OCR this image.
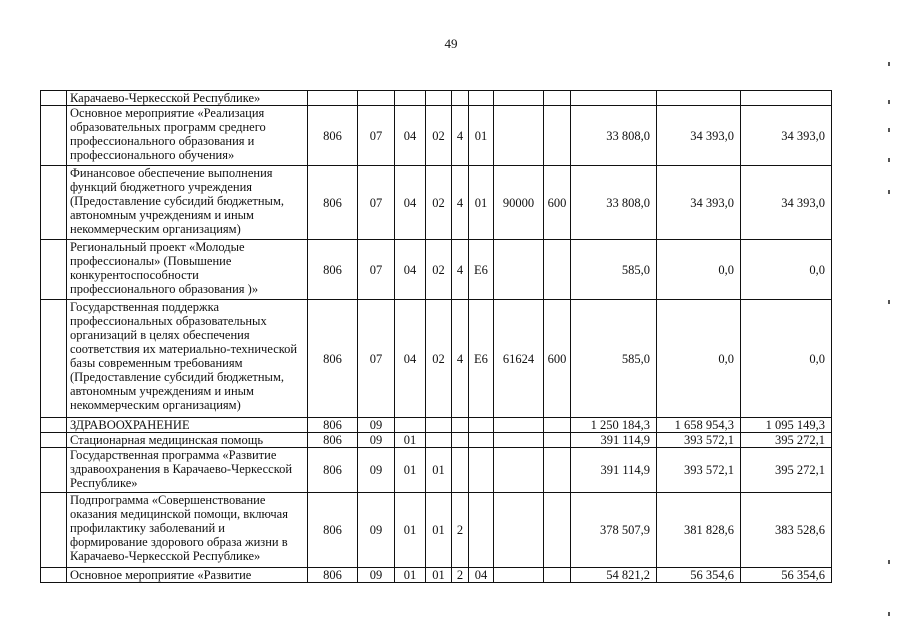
49
	Карачаево-Черкесской Республике»											
	Основное мероприятие «Реализация образовательных программ среднего профессионального образования и профессионального обучения»	806	07	04	02	4	01			33 808,0	34 393,0	34 393,0
	Финансовое обеспечение выполнения функций бюджетного учреждения (Предоставление субсидий бюджетным, автономным учреждениям и иным некоммерческим организациям)	806	07	04	02	4	01	90000	600	33 808,0	34 393,0	34 393,0
	Региональный проект «Молодые профессионалы» (Повышение конкурентоспособности профессионального образования )»	806	07	04	02	4	Е6			585,0	0,0	0,0
	Государственная поддержка профессиональных образовательных организаций в целях обеспечения соответствия их материально-технической базы современным требованиям (Предоставление субсидий бюджетным, автономным учреждениям и иным некоммерческим организациям)	806	07	04	02	4	Е6	61624	600	585,0	0,0	0,0
	ЗДРАВООХРАНЕНИЕ	806	09							1 250 184,3	1 658 954,3	1 095 149,3
	Стационарная медицинская помощь	806	09	01						391 114,9	393 572,1	395 272,1
	Государственная программа «Развитие здравоохранения в Карачаево-Черкесской Республике»	806	09	01	01					391 114,9	393 572,1	395 272,1
	Подпрограмма «Совершенствование оказания медицинской помощи, включая профилактику заболеваний и формирование здорового образа жизни в Карачаево-Черкесской Республике»	806	09	01	01	2				378 507,9	381 828,6	383 528,6
	Основное мероприятие «Развитие	806	09	01	01	2	04			54 821,2	56 354,6	56 354,6
